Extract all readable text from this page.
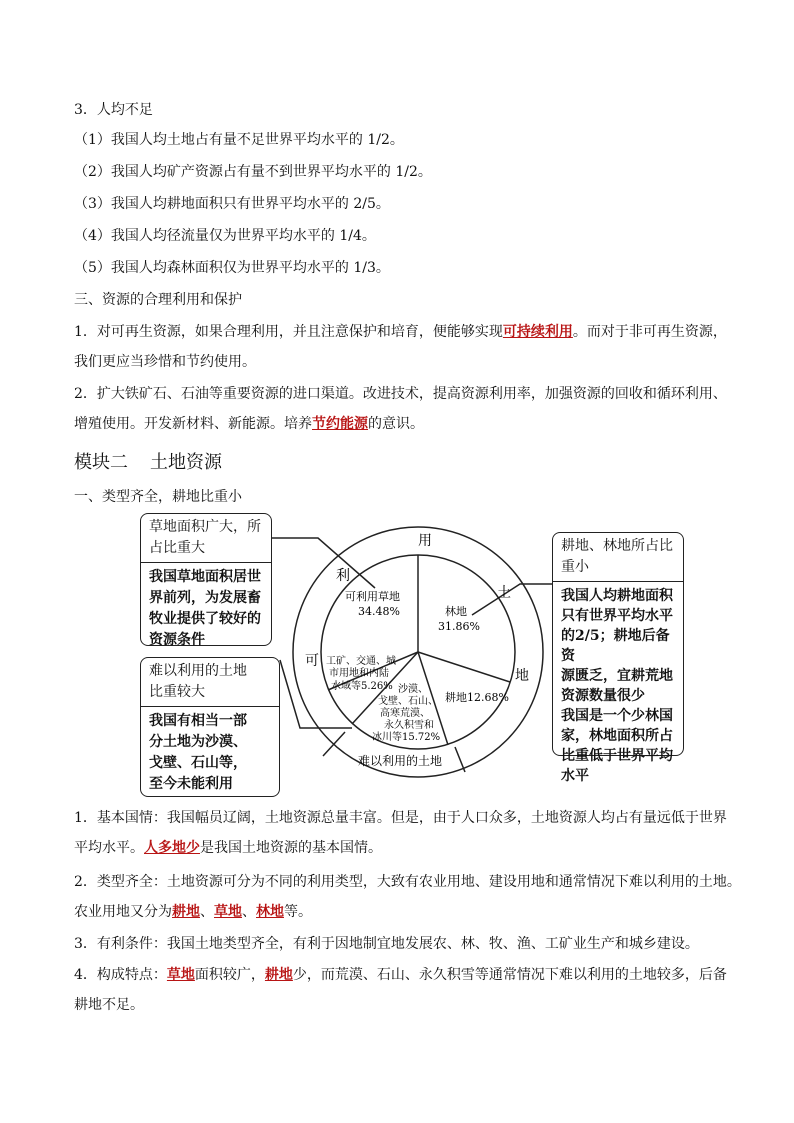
3．人均不足
（1）我国人均土地占有量不足世界平均水平的 1/2。
（2）我国人均矿产资源占有量不到世界平均水平的 1/2。
（3）我国人均耕地面积只有世界平均水平的 2/5。
（4）我国人均径流量仅为世界平均水平的 1/4。
（5）我国人均森林面积仅为世界平均水平的 1/3。
三、资源的合理利用和保护
1．对可再生资源，如果合理利用，并且注意保护和培育，便能够实现可持续利用。而对于非可再生资源，
我们更应当珍惜和节约使用。
2．扩大铁矿石、石油等重要资源的进口渠道。改进技术，提高资源利用率，加强资源的回收和循环利用、
增殖使用。开发新材料、新能源。培养节约能源的意识。
模块二 土地资源
一、类型齐全，耕地比重小
利
用
土
地
可
难以利用的土地
可利用草地
34.48%	林地
31.86%
耕地12.68%
工矿、交通、城
市用地和内陆
水域等5.26% 沙漠、
戈壁、石山、
高寒荒漠、
永久积雪和
冰川等15.72%
草地面积广大，所
占比重大
我国草地面积居世
界前列，为发展畜
牧业提供了较好的
资源条件
难以利用的土地
比重较大
我国有相当一部
分土地为沙漠、
戈壁、石山等，
至今未能利用
耕地、林地所占比
重小
我国人均耕地面积
只有世界平均水平
的2/5；耕地后备资
源匮乏，宜耕荒地
资源数量很少
我国是一个少林国
家，林地面积所占
比重低于世界平均
水平
1．基本国情：我国幅员辽阔，土地资源总量丰富。但是，由于人口众多，土地资源人均占有量远低于世界
平均水平。人多地少是我国土地资源的基本国情。
2．类型齐全：土地资源可分为不同的利用类型，大致有农业用地、建设用地和通常情况下难以利用的土地。
农业用地又分为耕地、草地、林地等。
3．有利条件：我国土地类型齐全，有利于因地制宜地发展农、林、牧、渔、工矿业生产和城乡建设。
4．构成特点：草地面积较广，耕地少，而荒漠、石山、永久积雪等通常情况下难以利用的土地较多，后备
耕地不足。
